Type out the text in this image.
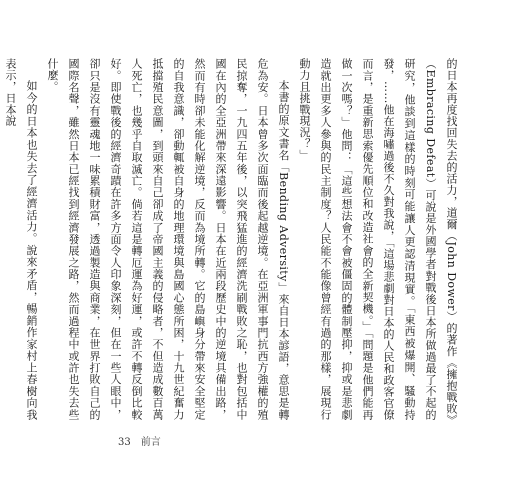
的日本再度找回失去的活力，道爾（John Dower）的著作《擁抱戰敗》（Embracing Defeat）可說是外國學者對戰後日本所做過最了不起的研究，他談到這樣的時刻可能讓人更認清現實。「東西被爆開、騷動持發，……他在海嘯過後不久對我說，「這場悲劇對日本的人民和政客官僚而言，是重新思索優先順位和改造社會的全新契機。」「問題是他們能再做一次嗎？」他問：「這些想法會不會被僵固的體制壓抑，抑或是悲劇造就出更多人參與的民主制度？人民能不能像曾經有過的那樣，展現行動力且挑戰現況？」

本書的原文書名「Bending Adversity」來自日本諺語，意思是轉危為安。日本曾多次面臨而後起越逆境。在亞洲軍事門抗西方強權的殖民掠奪，一九四五年後，以突飛猛進的經濟洗刷戰敗之恥，也對包括中國在內的全亞洲帶來深遠影響。日本在近兩段歷史中的逆境具備出路，然而有時卻未能化解逆境，反而為境所轉。它的島嶼身分帶來安全堅定的自我意識，卻動輒被自身的地理環境與島國心態所困，十九世紀奮力抵擋殖民意圖，到頭來自己卻成了帝國主義的侵略者，不但造成數百萬人死亡，也幾乎自取滅亡。倘若這是轉厄運為好運，或許不轉反倒比較好。即使戰後的經濟奇蹟在許多方面令人印象深刻，但在一些人眼中，卻只是沒有靈魂地一味累積財富，透過製造與商業，在世界打敗自己的國際名聲，雖然日本已經找到經濟發展之路，然而過程中或許也失去些什麼。

如今的日本也失去了經濟活力。說來矛盾，暢銷作家村上春樹向我表示，日本說

33 前言
